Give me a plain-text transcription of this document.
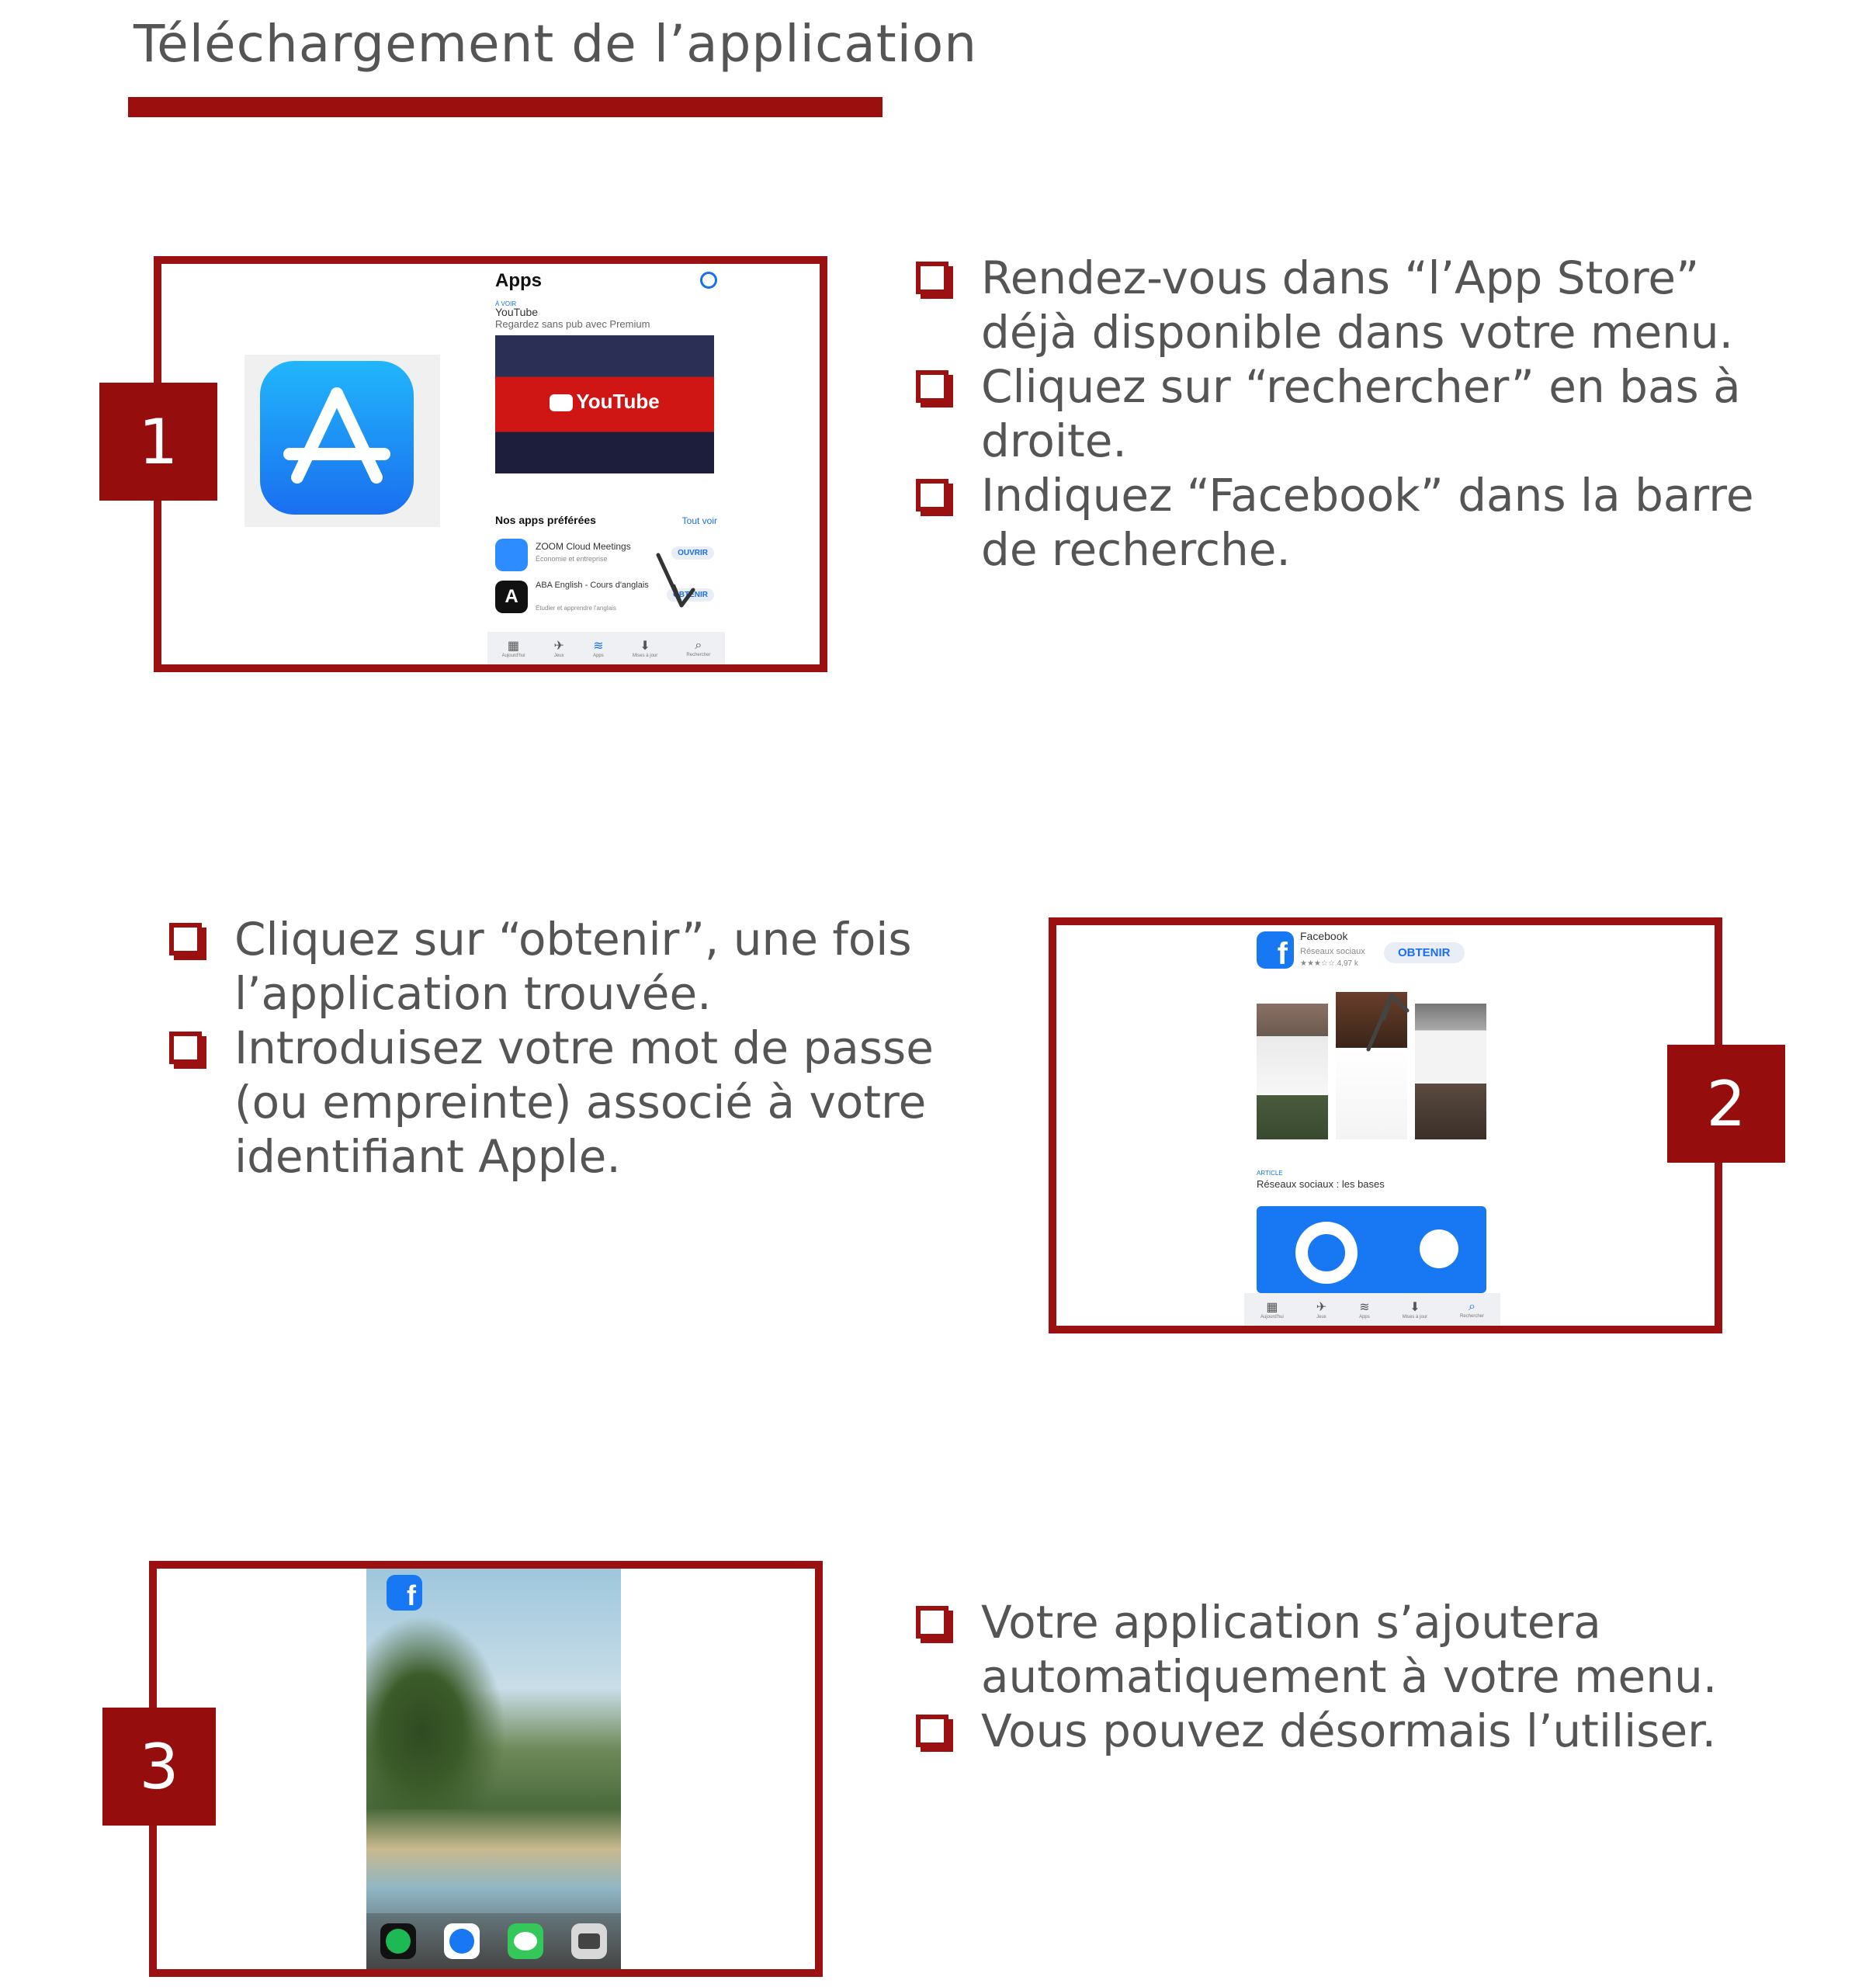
Téléchargement de l’application
Apps
À VOIR
YouTube
Regardez sans pub avec Premium
YouTube
Nos apps préférées	Tout voir
ZOOM Cloud Meetings
Économie et entreprise
OUVRIR
A
ABA English - Cours d'anglais
Étudier et apprendre l'anglais
OBTENIR
▦
Aujourd'hui
✈
Jeux
≋
Apps
⬇
Mises à jour
⌕
Rechercher
1
Rendez-vous dans “l’App Store” déjà disponible dans votre menu.
Cliquez sur “rechercher” en bas à droite.
Indiquez “Facebook” dans la barre de recherche.
Cliquez sur “obtenir”, une fois l’application trouvée.
Introduisez votre mot de passe (ou empreinte) associé à votre identifiant Apple.
f
Facebook
Réseaux sociaux
★★★☆☆ 4,97 k
OBTENIR
ARTICLE
Réseaux sociaux : les bases
▦
Aujourd'hui
✈
Jeux
≋
Apps
⬇
Mises à jour
⌕
Rechercher
2
f
3
Votre application s’ajoutera automatiquement à votre menu.
Vous pouvez désormais l’utiliser.
